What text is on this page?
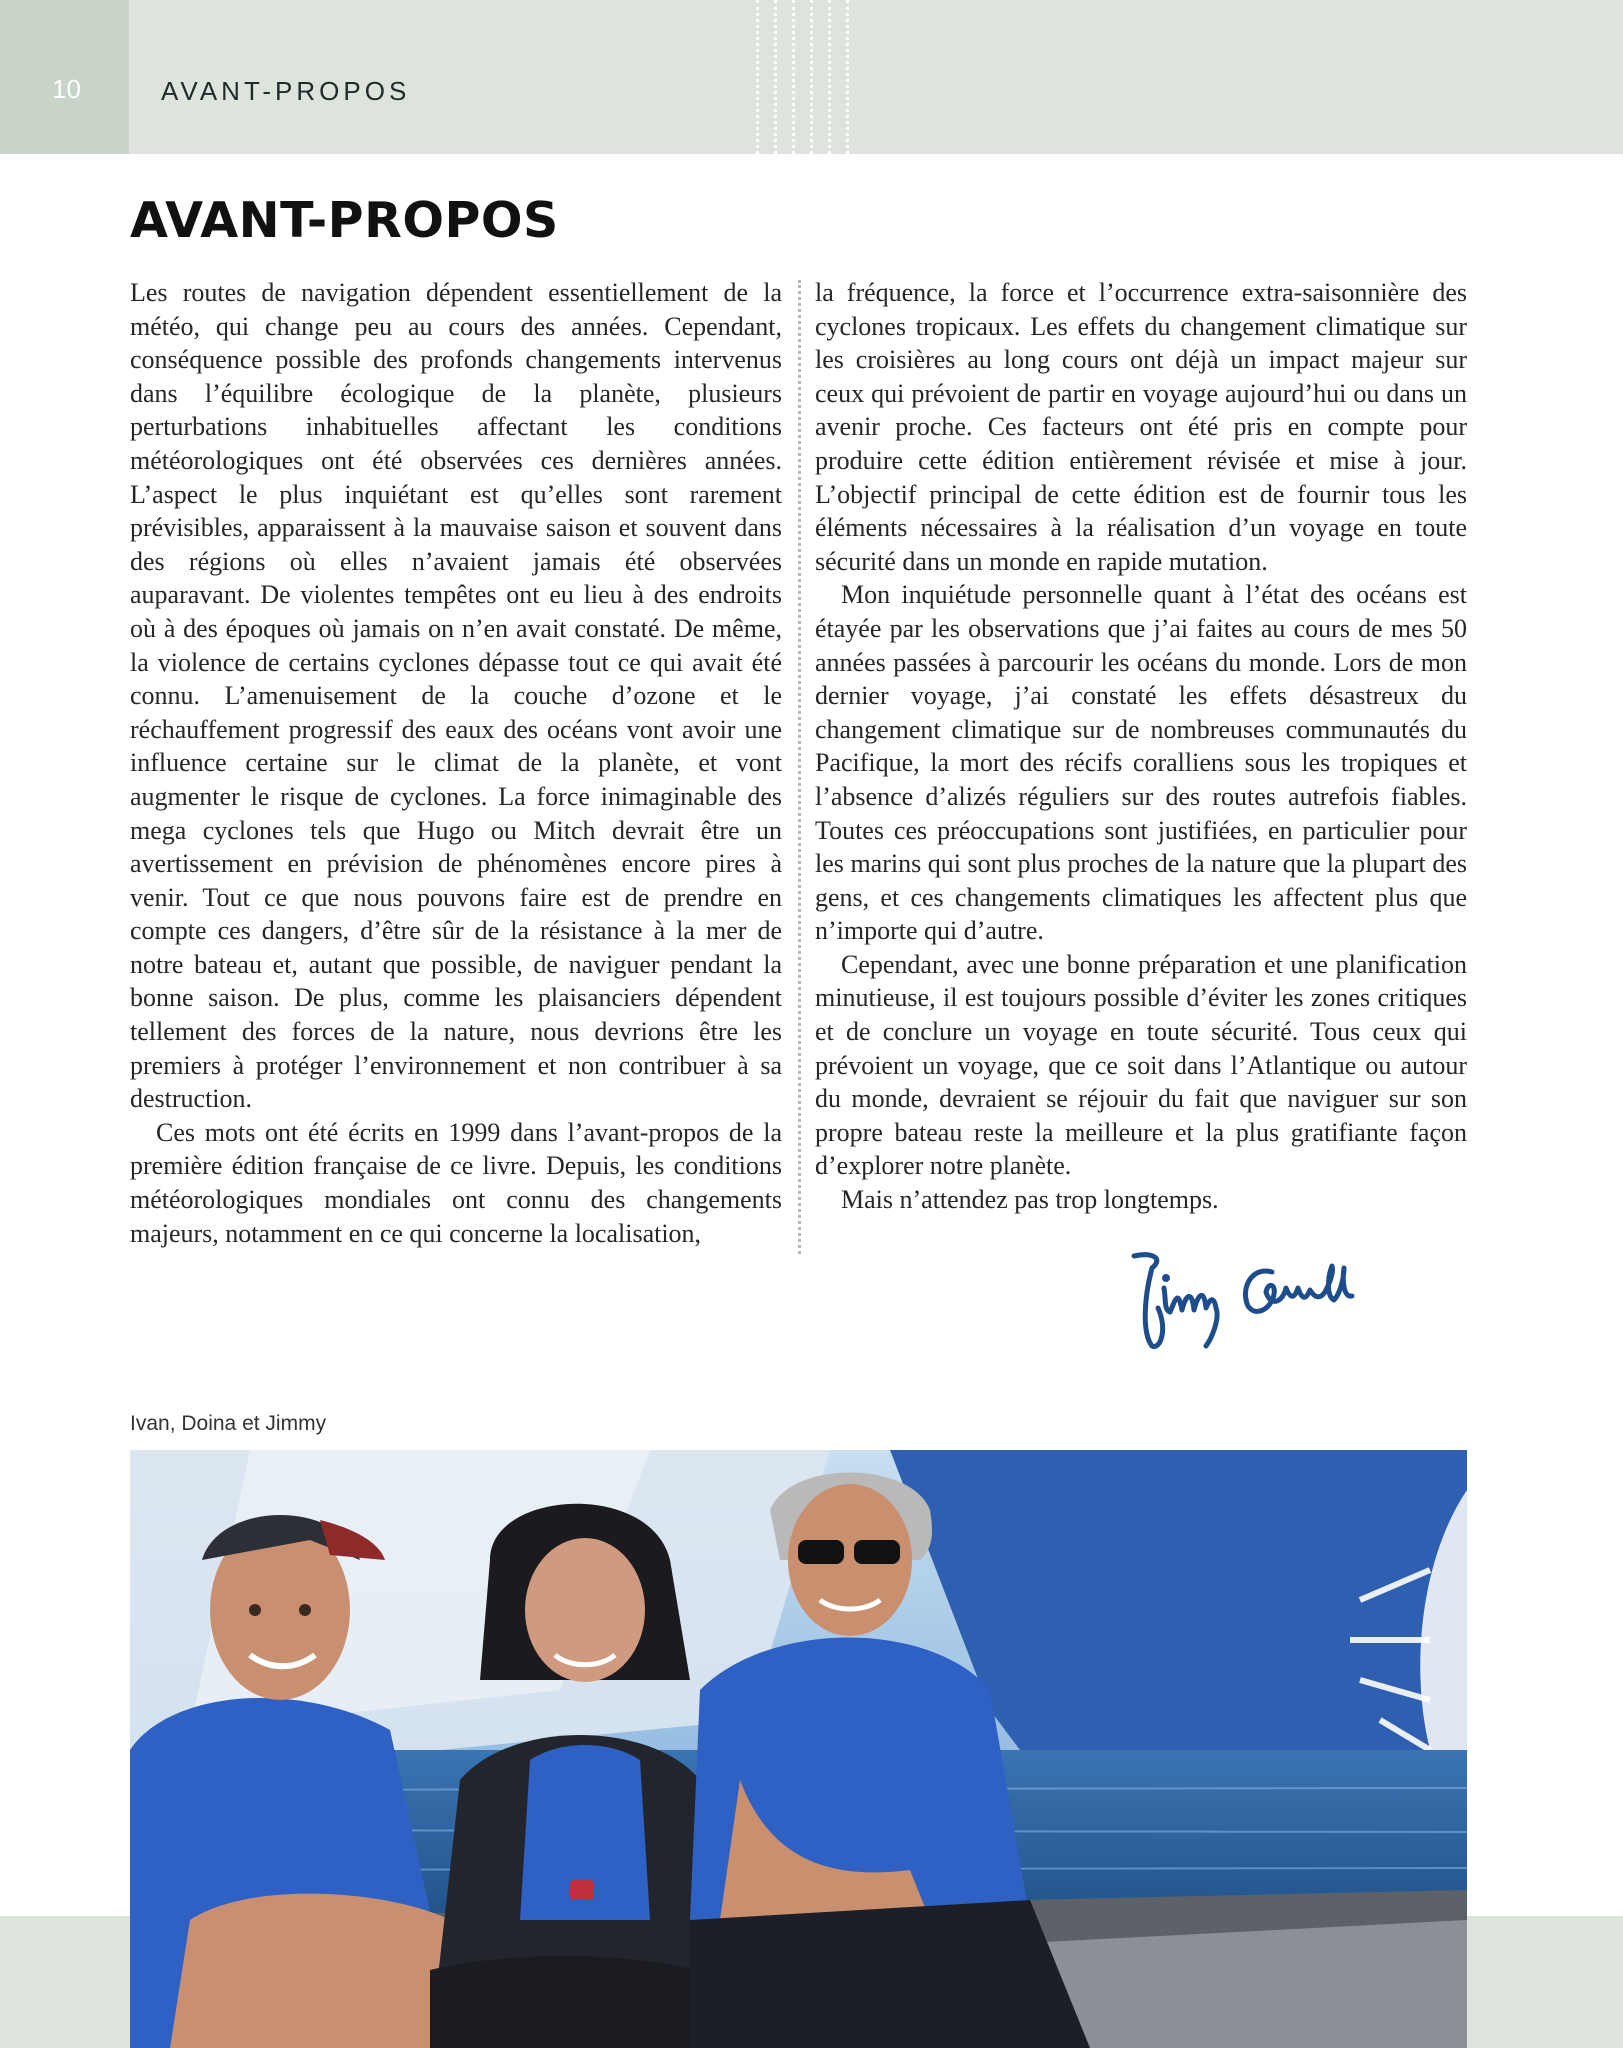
10	AVANT-PROPOS
AVANT-PROPOS

Les routes de navigation dépendent essentiellement de la météo, qui change peu au cours des années. Cependant, conséquence possible des profonds changements intervenus dans l’équilibre écologique de la planète, plusieurs perturbations inhabituelles affectant les conditions météorologiques ont été observées ces dernières années. L’aspect le plus inquiétant est qu’elles sont rarement prévisibles, apparaissent à la mauvaise saison et souvent dans des régions où elles n’avaient jamais été observées auparavant. De violentes tempêtes ont eu lieu à des endroits où à des époques où jamais on n’en avait constaté. De même, la violence de certains cyclones dépasse tout ce qui avait été connu. L’amenuisement de la couche d’ozone et le réchauffement progressif des eaux des océans vont avoir une influence certaine sur le climat de la planète, et vont augmenter le risque de cyclones. La force inimaginable des mega cyclones tels que Hugo ou Mitch devrait être un avertissement en prévision de phénomènes encore pires à venir. Tout ce que nous pouvons faire est de prendre en compte ces dangers, d’être sûr de la résistance à la mer de notre bateau et, autant que possible, de naviguer pendant la bonne saison. De plus, comme les plaisanciers dépendent tellement des forces de la nature, nous devrions être les premiers à protéger l’environnement et non contribuer à sa destruction.

Ces mots ont été écrits en 1999 dans l’avant-propos de la première édition française de ce livre. Depuis, les conditions météorologiques mondiales ont connu des changements majeurs, notamment en ce qui concerne la localisation,

la fréquence, la force et l’occurrence extra-saisonnière des cyclones tropicaux. Les effets du changement climatique sur les croisières au long cours ont déjà un impact majeur sur ceux qui prévoient de partir en voyage aujourd’hui ou dans un avenir proche. Ces facteurs ont été pris en compte pour produire cette édition entièrement révisée et mise à jour. L’objectif principal de cette édition est de fournir tous les éléments nécessaires à la réalisation d’un voyage en toute sécurité dans un monde en rapide mutation.

Mon inquiétude personnelle quant à l’état des océans est étayée par les observations que j’ai faites au cours de mes 50 années passées à parcourir les océans du monde. Lors de mon dernier voyage, j’ai constaté les effets désastreux du changement climatique sur de nombreuses communautés du Pacifique, la mort des récifs coralliens sous les tropiques et l’absence d’alizés réguliers sur des routes autrefois fiables. Toutes ces préoccupations sont justifiées, en particulier pour les marins qui sont plus proches de la nature que la plupart des gens, et ces changements climatiques les affectent plus que n’importe qui d’autre.

Cependant, avec une bonne préparation et une planification minutieuse, il est toujours possible d’éviter les zones critiques et de conclure un voyage en toute sécurité. Tous ceux qui prévoient un voyage, que ce soit dans l’Atlantique ou autour du monde, devraient se réjouir du fait que naviguer sur son propre bateau reste la meilleure et la plus gratifiante façon d’explorer notre planète.

Mais n’attendez pas trop longtemps.

Ivan, Doina et Jimmy
